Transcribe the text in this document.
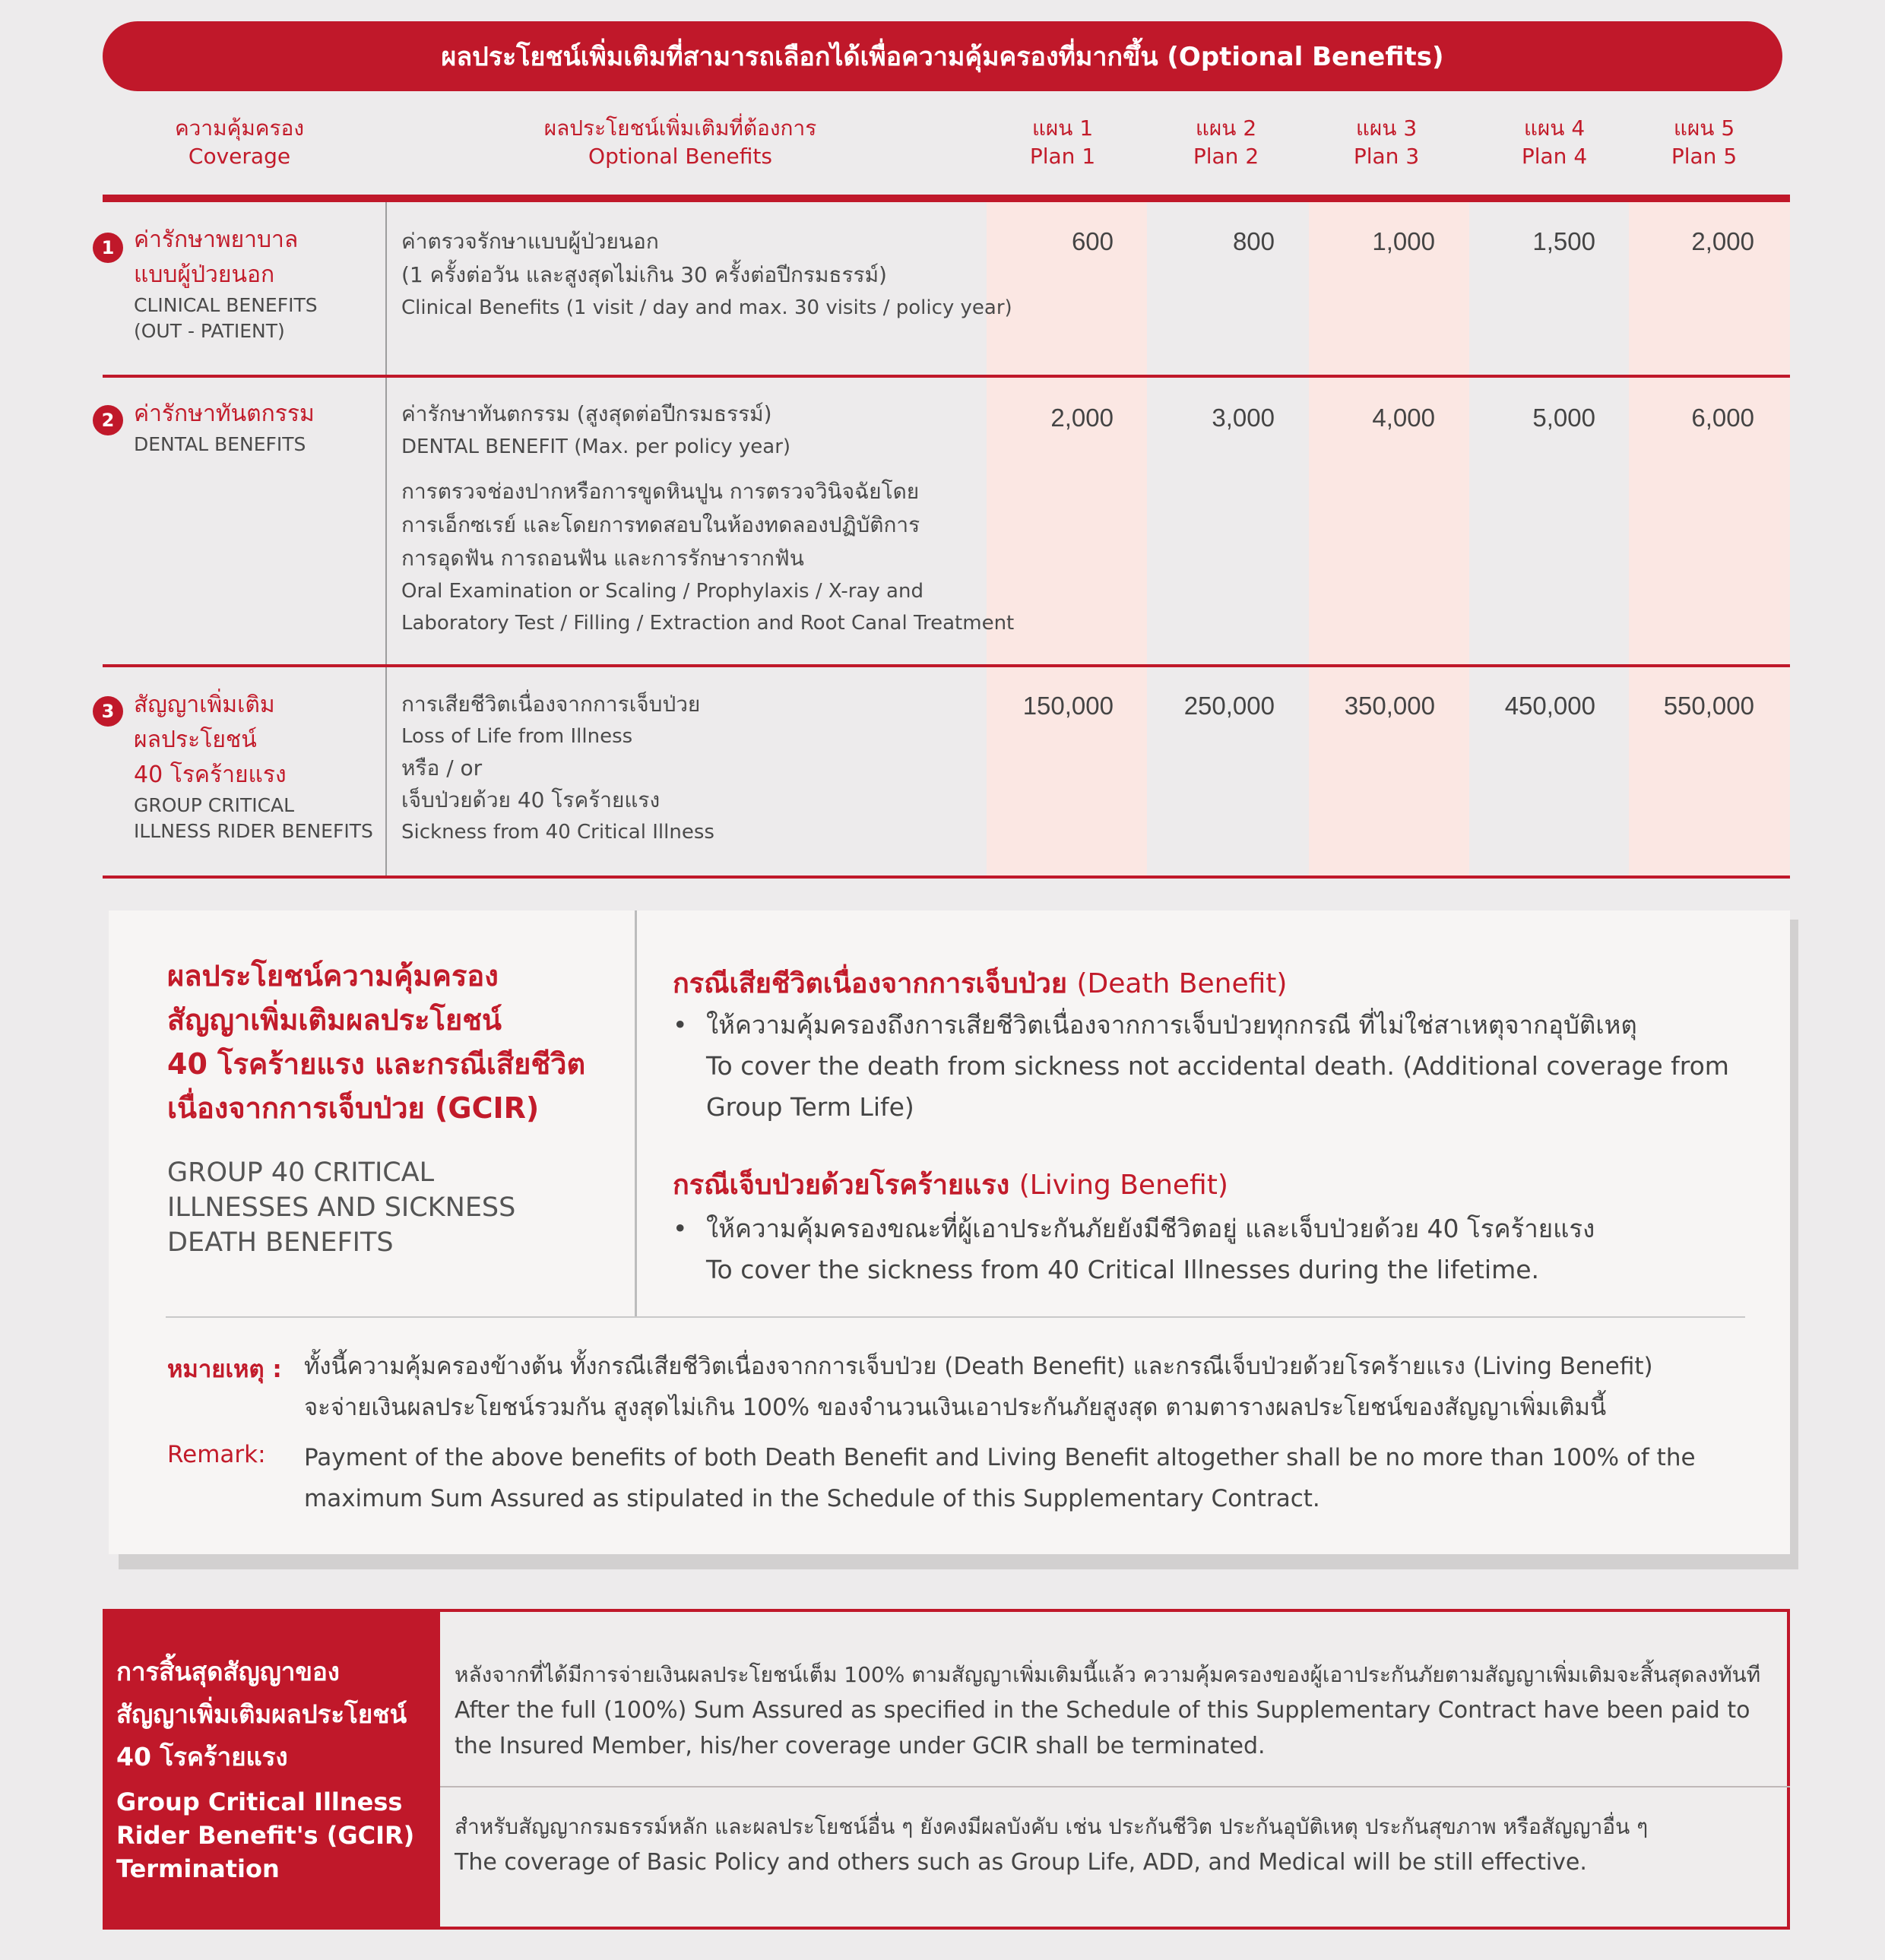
ผลประโยชน์เพิ่มเติมที่สามารถเลือกได้เพื่อความคุ้มครองที่มากขึ้น (Optional Benefits)
ความคุ้มครอง
Coverage
ผลประโยชน์เพิ่มเติมที่ต้องการ
Optional Benefits
แผน 1
Plan 1
แผน 2
Plan 2
แผน 3
Plan 3
แผน 4
Plan 4
แผน 5
Plan 5
1 ค่ารักษาพยาบาล
แบบผู้ป่วยนอก
CLINICAL BENEFITS
(OUT - PATIENT)
ค่าตรวจรักษาแบบผู้ป่วยนอก
(1 ครั้งต่อวัน และสูงสุดไม่เกิน 30 ครั้งต่อปีกรมธรรม์)
Clinical Benefits (1 visit / day and max. 30 visits / policy year)
600	800	1,000	1,500	2,000
2 ค่ารักษาทันตกรรม
DENTAL BENEFITS
ค่ารักษาทันตกรรม (สูงสุดต่อปีกรมธรรม์)
DENTAL BENEFIT (Max. per policy year)
การตรวจช่องปากหรือการขูดหินปูน การตรวจวินิจฉัยโดย
การเอ็กซเรย์ และโดยการทดสอบในห้องทดลองปฏิบัติการ
การอุดฟัน การถอนฟัน และการรักษารากฟัน
Oral Examination or Scaling / Prophylaxis / X-ray and
Laboratory Test / Filling / Extraction and Root Canal Treatment
2,000	3,000	4,000	5,000	6,000
3 สัญญาเพิ่มเติม
ผลประโยชน์
40 โรคร้ายแรง
GROUP CRITICAL
ILLNESS RIDER BENEFITS
การเสียชีวิตเนื่องจากการเจ็บป่วย
Loss of Life from Illness
หรือ / or
เจ็บป่วยด้วย 40 โรคร้ายแรง
Sickness from 40 Critical Illness
150,000	250,000	350,000	450,000	550,000
ผลประโยชน์ความคุ้มครอง
สัญญาเพิ่มเติมผลประโยชน์
40 โรคร้ายแรง และกรณีเสียชีวิต
เนื่องจากการเจ็บป่วย (GCIR)
GROUP 40 CRITICAL
ILLNESSES AND SICKNESS
DEATH BENEFITS
กรณีเสียชีวิตเนื่องจากการเจ็บป่วย (Death Benefit)
• ให้ความคุ้มครองถึงการเสียชีวิตเนื่องจากการเจ็บป่วยทุกกรณี ที่ไม่ใช่สาเหตุจากอุบัติเหตุ
To cover the death from sickness not accidental death. (Additional coverage from
Group Term Life)
กรณีเจ็บป่วยด้วยโรคร้ายแรง (Living Benefit)
• ให้ความคุ้มครองขณะที่ผู้เอาประกันภัยยังมีชีวิตอยู่ และเจ็บป่วยด้วย 40 โรคร้ายแรง
To cover the sickness from 40 Critical Illnesses during the lifetime.
หมายเหตุ : ทั้งนี้ความคุ้มครองข้างต้น ทั้งกรณีเสียชีวิตเนื่องจากการเจ็บป่วย (Death Benefit) และกรณีเจ็บป่วยด้วยโรคร้ายแรง (Living Benefit)
จะจ่ายเงินผลประโยชน์รวมกัน สูงสุดไม่เกิน 100% ของจำนวนเงินเอาประกันภัยสูงสุด ตามตารางผลประโยชน์ของสัญญาเพิ่มเติมนี้
Remark: Payment of the above benefits of both Death Benefit and Living Benefit altogether shall be no more than 100% of the
maximum Sum Assured as stipulated in the Schedule of this Supplementary Contract.
การสิ้นสุดสัญญาของ
สัญญาเพิ่มเติมผลประโยชน์
40 โรคร้ายแรง
Group Critical Illness
Rider Benefit's (GCIR)
Termination
หลังจากที่ได้มีการจ่ายเงินผลประโยชน์เต็ม 100% ตามสัญญาเพิ่มเติมนี้แล้ว ความคุ้มครองของผู้เอาประกันภัยตามสัญญาเพิ่มเติมจะสิ้นสุดลงทันที
After the full (100%) Sum Assured as specified in the Schedule of this Supplementary Contract have been paid to
the Insured Member, his/her coverage under GCIR shall be terminated.
สำหรับสัญญากรมธรรม์หลัก และผลประโยชน์อื่น ๆ ยังคงมีผลบังคับ เช่น ประกันชีวิต ประกันอุบัติเหตุ ประกันสุขภาพ หรือสัญญาอื่น ๆ
The coverage of Basic Policy and others such as Group Life, ADD, and Medical will be still effective.
